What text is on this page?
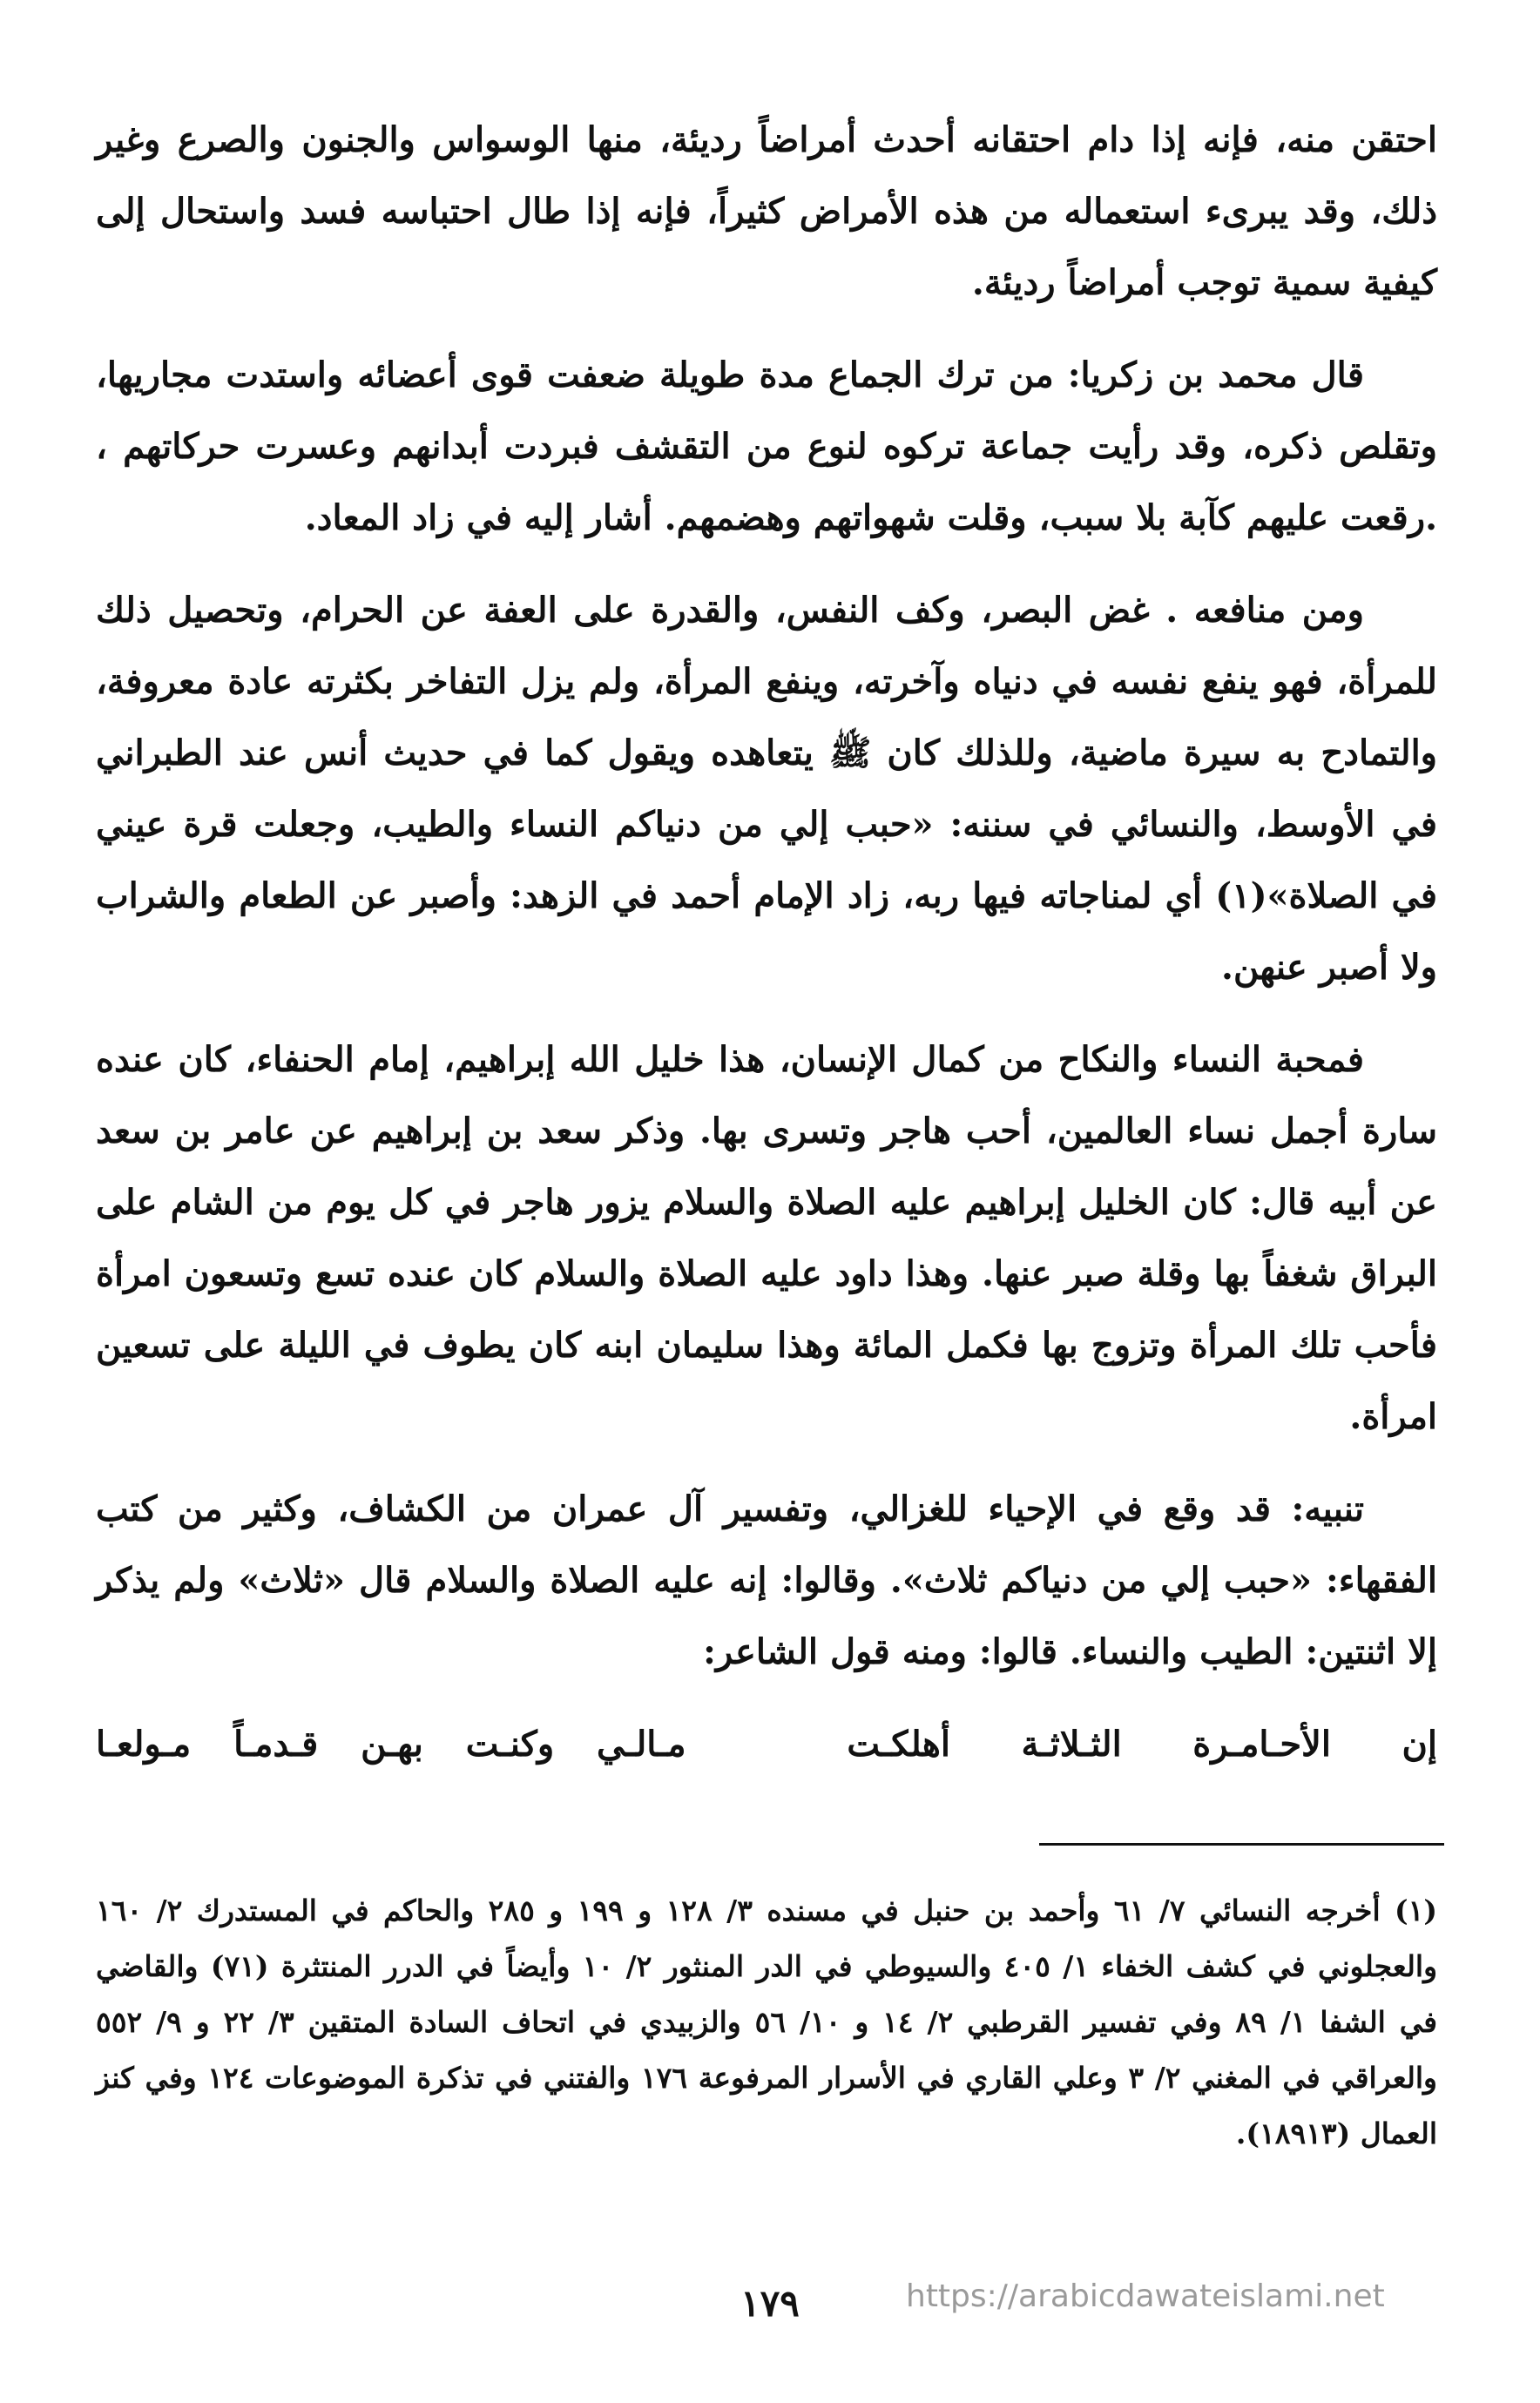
احتقن منه، فإنه إذا دام احتقانه أحدث أمراضاً رديئة، منها الوسواس والجنون والصرع وغير ذلك، وقد يبرىء استعماله من هذه الأمراض كثيراً، فإنه إذا طال احتباسه فسد واستحال إلى كيفية سمية توجب أمراضاً رديئة.

قال محمد بن زكريا: من ترك الجماع مدة طويلة ضعفت قوى أعضائه واستدت مجاريها، وتقلص ذكره، وقد رأيت جماعة تركوه لنوع من التقشف فبردت أبدانهم وعسرت حركاتهم ، .رقعت عليهم كآبة بلا سبب، وقلت شهواتهم وهضمهم. أشار إليه في زاد المعاد.

ومن منافعه . غض البصر، وكف النفس، والقدرة على العفة عن الحرام، وتحصيل ذلك للمرأة، فهو ينفع نفسه في دنياه وآخرته، وينفع المرأة، ولم يزل التفاخر بكثرته عادة معروفة، والتمادح به سيرة ماضية، وللذلك كان ﷺ يتعاهده ويقول كما في حديث أنس عند الطبراني في الأوسط، والنسائي في سننه: «حبب إلي من دنياكم النساء والطيب، وجعلت قرة عيني في الصلاة»(١) أي لمناجاته فيها ربه، زاد الإمام أحمد في الزهد: وأصبر عن الطعام والشراب ولا أصبر عنهن.

فمحبة النساء والنكاح من كمال الإنسان، هذا خليل الله إبراهيم، إمام الحنفاء، كان عنده سارة أجمل نساء العالمين، أحب هاجر وتسرى بها. وذكر سعد بن إبراهيم عن عامر بن سعد عن أبيه قال: كان الخليل إبراهيم عليه الصلاة والسلام يزور هاجر في كل يوم من الشام على البراق شغفاً بها وقلة صبر عنها. وهذا داود عليه الصلاة والسلام كان عنده تسع وتسعون امرأة فأحب تلك المرأة وتزوج بها فكمل المائة وهذا سليمان ابنه كان يطوف في الليلة على تسعين امرأة.

تنبيه: قد وقع في الإحياء للغزالي، وتفسير آل عمران من الكشاف، وكثير من كتب الفقهاء: «حبب إلي من دنياكم ثلاث». وقالوا: إنه عليه الصلاة والسلام قال «ثلاث» ولم يذكر إلا اثنتين: الطيب والنساء. قالوا: ومنه قول الشاعر:

إن الأحـامـرة الثـلاثـة أهلكـت
مـالـي وكنـت بهـن قـدمـاً مـولعـا
(١) أخرجه النسائي ٧/ ٦١ وأحمد بن حنبل في مسنده ٣/ ١٢٨ و ١٩٩ و ٢٨٥ والحاكم في المستدرك ٢/ ١٦٠ والعجلوني في كشف الخفاء ١/ ٤٠٥ والسيوطي في الدر المنثور ٢/ ١٠ وأيضاً في الدرر المنتثرة (٧١) والقاضي في الشفا ١/ ٨٩ وفي تفسير القرطبي ٢/ ١٤ و ١٠/ ٥٦ والزبيدي في اتحاف السادة المتقين ٣/ ٢٢ و ٩/ ٥٥٢ والعراقي في المغني ٢/ ٣ وعلي القاري في الأسرار المرفوعة ١٧٦ والفتني في تذكرة الموضوعات ١٢٤ وفي كنز العمال (١٨٩١٣).
١٧٩	https://arabicdawateislami.net
